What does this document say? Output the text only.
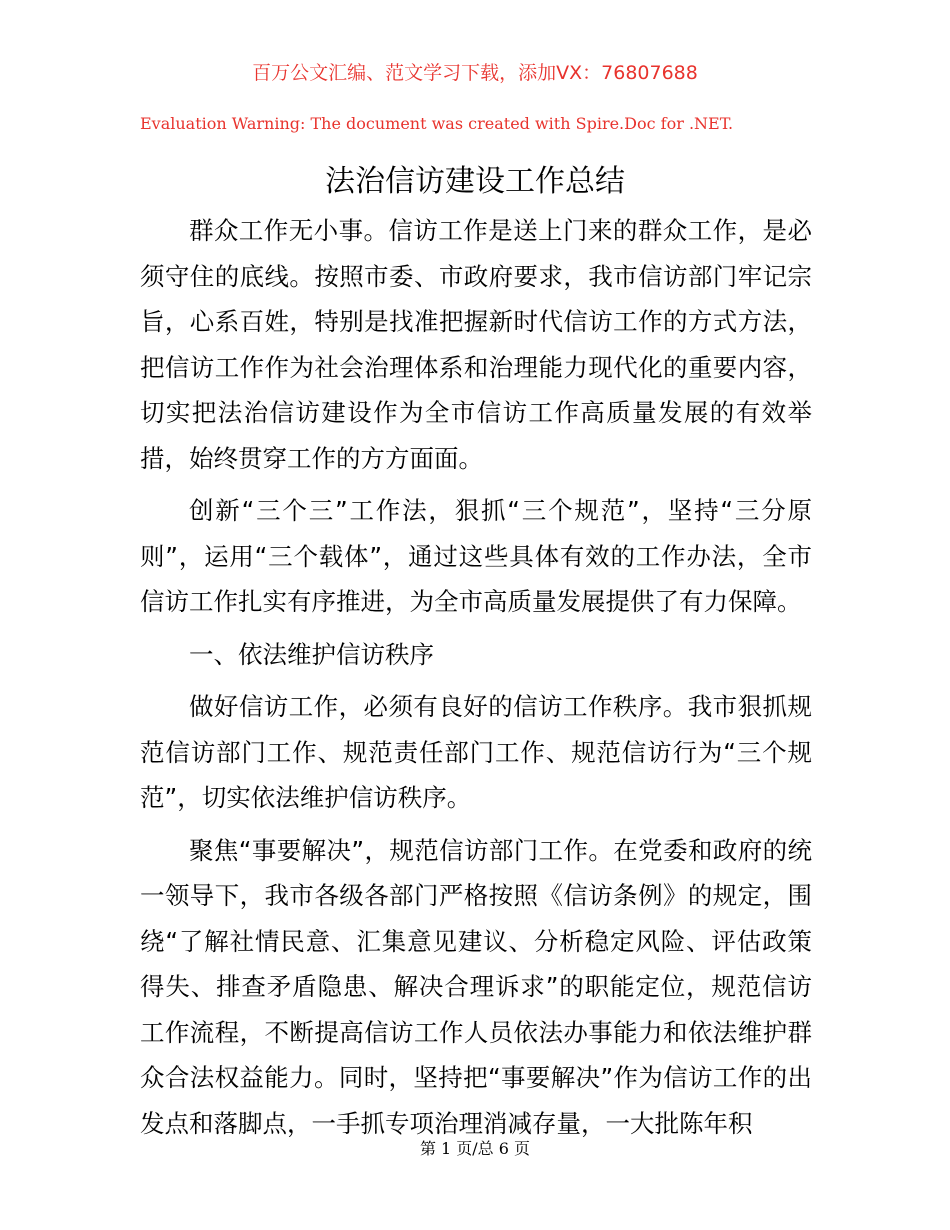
百万公文汇编、范文学习下载，添加VX：76807688
Evaluation Warning: The document was created with Spire.Doc for .NET.
法治信访建设工作总结

群众工作无小事。信访工作是送上门来的群众工作，是必须守住的底线。按照市委、市政府要求，我市信访部门牢记宗旨，心系百姓，特别是找准把握新时代信访工作的方式方法，把信访工作作为社会治理体系和治理能力现代化的重要内容，切实把法治信访建设作为全市信访工作高质量发展的有效举措，始终贯穿工作的方方面面。

创新“三个三”工作法，狠抓“三个规范”，坚持“三分原则”，运用“三个载体”，通过这些具体有效的工作办法，全市信访工作扎实有序推进，为全市高质量发展提供了有力保障。

一、依法维护信访秩序

做好信访工作，必须有良好的信访工作秩序。我市狠抓规范信访部门工作、规范责任部门工作、规范信访行为“三个规范”，切实依法维护信访秩序。

聚焦“事要解决”，规范信访部门工作。在党委和政府的统一领导下，我市各级各部门严格按照《信访条例》的规定，围绕“了解社情民意、汇集意见建议、分析稳定风险、评估政策得失、排查矛盾隐患、解决合理诉求”的职能定位，规范信访工作流程，不断提高信访工作人员依法办事能力和依法维护群众合法权益能力。同时，坚持把“事要解决”作为信访工作的出发点和落脚点，一手抓专项治理消减存量，一大批陈年积

第 1 页/总 6 页
